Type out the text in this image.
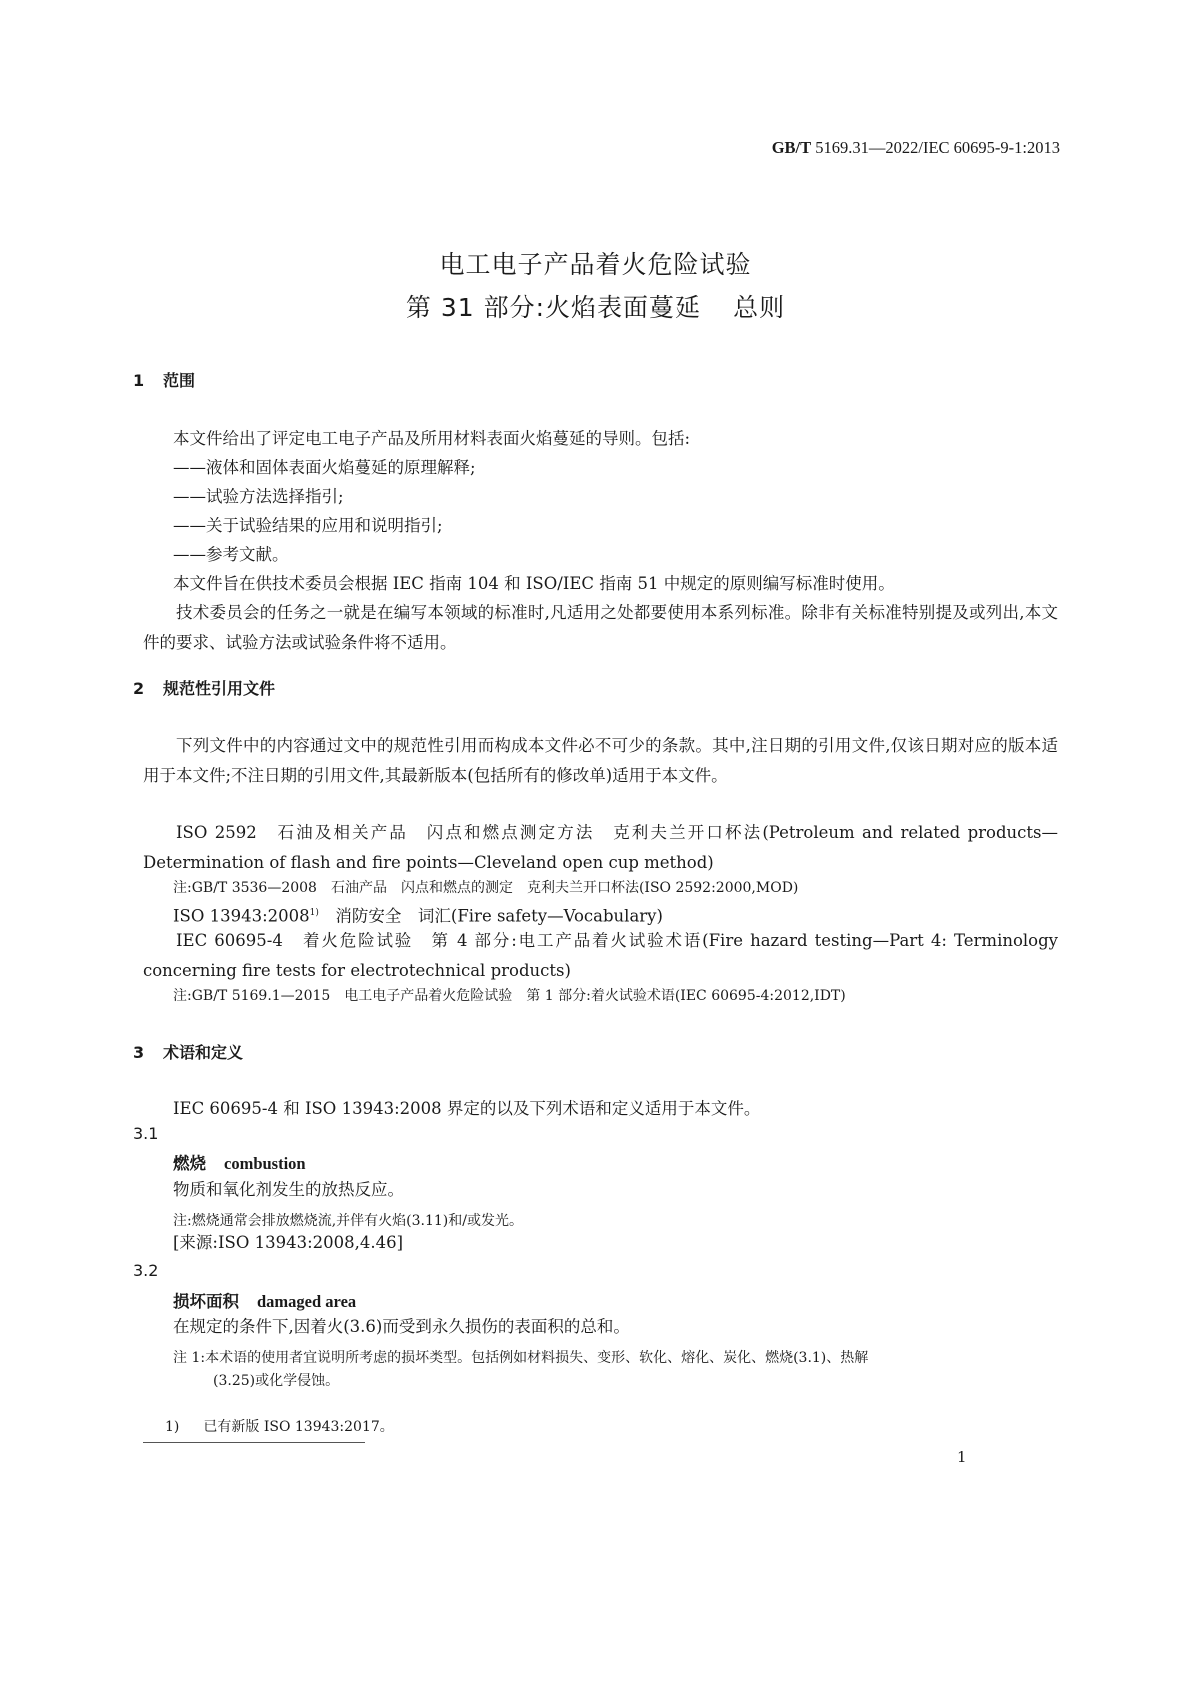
GB/T 5169.31—2022/IEC 60695-9-1:2013
电工电子产品着火危险试验
第 31 部分:火焰表面蔓延 总则
1 范围
本文件给出了评定电工电子产品及所用材料表面火焰蔓延的导则。包括:
——液体和固体表面火焰蔓延的原理解释;
——试验方法选择指引;
——关于试验结果的应用和说明指引;
——参考文献。
本文件旨在供技术委员会根据 IEC 指南 104 和 ISO/IEC 指南 51 中规定的原则编写标准时使用。
技术委员会的任务之一就是在编写本领域的标准时,凡适用之处都要使用本系列标准。除非有关标准特别提及或列出,本文件的要求、试验方法或试验条件将不适用。
2 规范性引用文件
下列文件中的内容通过文中的规范性引用而构成本文件必不可少的条款。其中,注日期的引用文件,仅该日期对应的版本适用于本文件;不注日期的引用文件,其最新版本(包括所有的修改单)适用于本文件。
ISO 2592　石油及相关产品　闪点和燃点测定方法　克利夫兰开口杯法(Petroleum and related products—Determination of flash and fire points—Cleveland open cup method)
注:GB/T 3536—2008　石油产品　闪点和燃点的测定　克利夫兰开口杯法(ISO 2592:2000,MOD)
ISO 13943:2008$^{1)}$　消防安全　词汇(Fire safety—Vocabulary)
IEC 60695-4　着火危险试验　第 4 部分:电工产品着火试验术语(Fire hazard testing—Part 4: Terminology concerning fire tests for electrotechnical products)
注:GB/T 5169.1—2015　电工电子产品着火危险试验　第 1 部分:着火试验术语(IEC 60695-4:2012,IDT)
3 术语和定义
IEC 60695-4 和 ISO 13943:2008 界定的以及下列术语和定义适用于本文件。
3.1
燃烧 combustion
物质和氧化剂发生的放热反应。
注:燃烧通常会排放燃烧流,并伴有火焰(3.11)和/或发光。
[来源:ISO 13943:2008,4.46]
3.2
损坏面积 damaged area
在规定的条件下,因着火(3.6)而受到永久损伤的表面积的总和。
注 1:本术语的使用者宜说明所考虑的损坏类型。包括例如材料损失、变形、软化、熔化、炭化、燃烧(3.1)、热解
(3.25)或化学侵蚀。
1) 已有新版 ISO 13943:2017。
1
